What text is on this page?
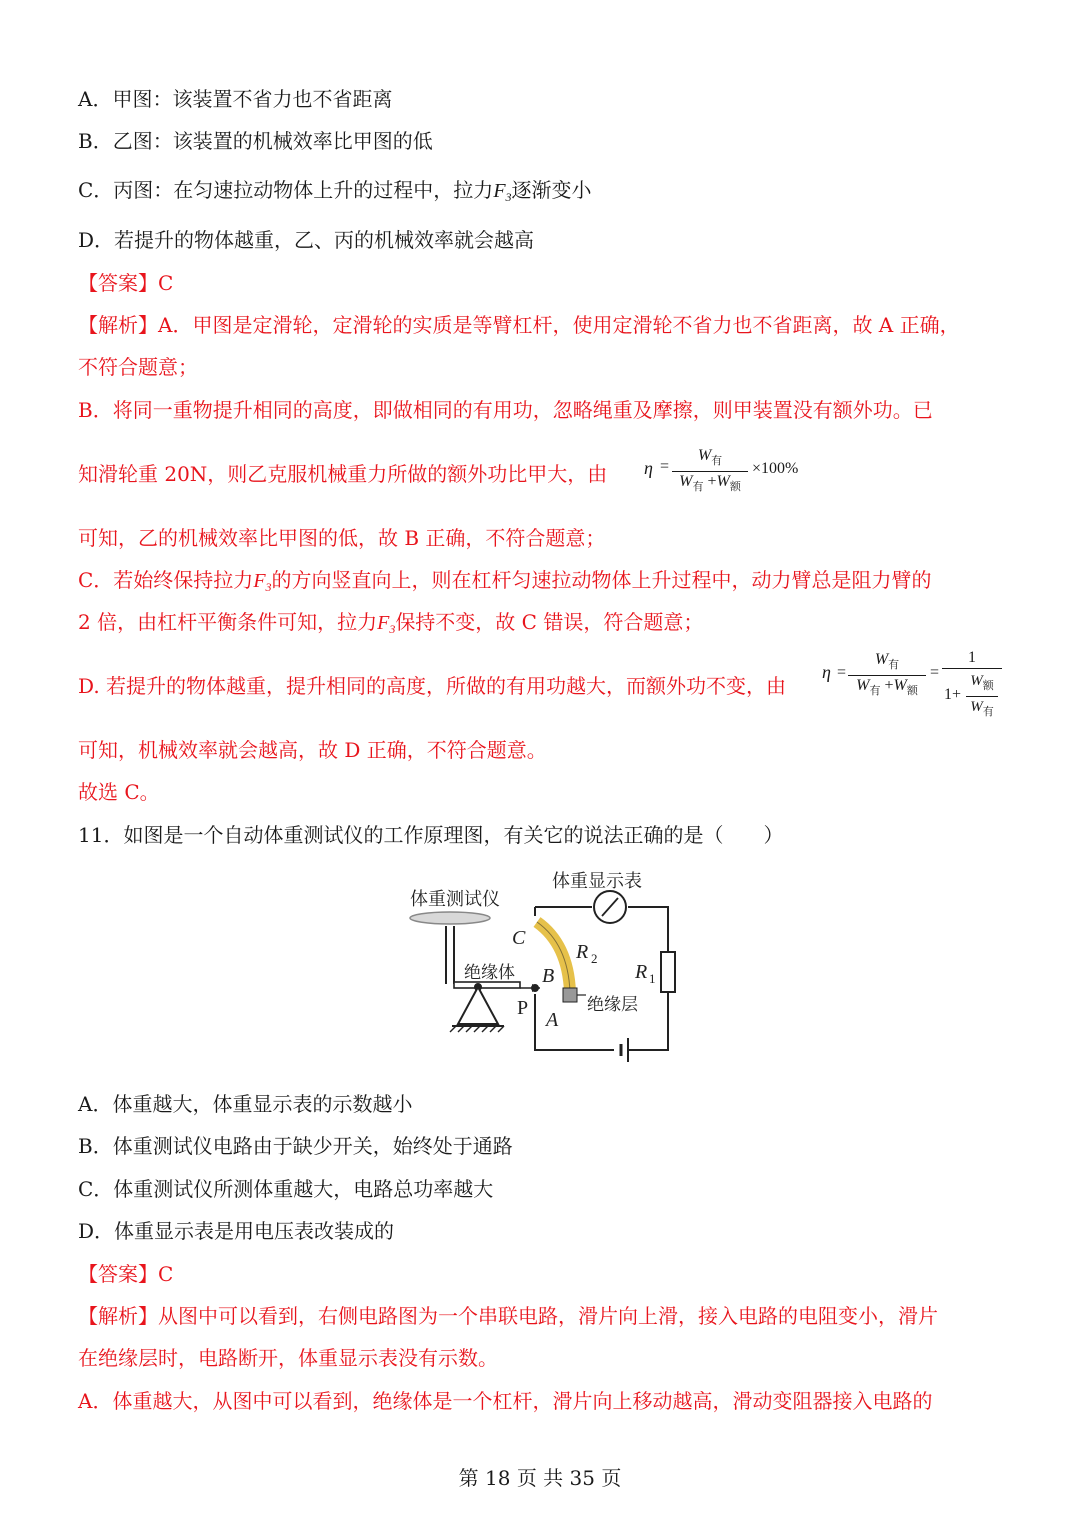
A．甲图：该装置不省力也不省距离
B．乙图：该装置的机械效率比甲图的低
C．丙图：在匀速拉动物体上升的过程中，拉力$F_3$逐渐变小
D．若提升的物体越重，乙、丙的机械效率就会越高
【答案】C
【解析】A．甲图是定滑轮，定滑轮的实质是等臂杠杆，使用定滑轮不省力也不省距离，故 A 正确，
不符合题意；
B．将同一重物提升相同的高度，即做相同的有用功，忽略绳重及摩擦，则甲装置没有额外功。已
知滑轮重 20N，则乙克服机械重力所做的额外功比甲大，由 η =
$W_有$
$W_有 +W_额$
×100%
可知，乙的机械效率比甲图的低，故 B 正确，不符合题意；
C．若始终保持拉力$F_3$的方向竖直向上，则在杠杆匀速拉动物体上升过程中，动力臂总是阻力臂的
2 倍，由杠杆平衡条件可知，拉力$F_3$保持不变，故 C 错误，符合题意；
D. 若提升的物体越重，提升相同的高度，所做的有用功越大，而额外功不变，由
η =
$W_有$
$W_有 +W_额$
=
1
1+
$W_额$
$W_有$
可知，机械效率就会越高，故 D 正确，不符合题意。
故选 C。
11．如图是一个自动体重测试仪的工作原理图，有关它的说法正确的是（　　）
体重测试仪
体重显示表
绝缘体
绝缘层
C
B
A
R 2
R 1
P
A．体重越大，体重显示表的示数越小
B．体重测试仪电路由于缺少开关，始终处于通路
C．体重测试仪所测体重越大，电路总功率越大
D．体重显示表是用电压表改装成的
【答案】C
【解析】从图中可以看到，右侧电路图为一个串联电路，滑片向上滑，接入电路的电阻变小，滑片
在绝缘层时，电路断开，体重显示表没有示数。
A．体重越大，从图中可以看到，绝缘体是一个杠杆，滑片向上移动越高，滑动变阻器接入电路的
第 18 页 共 35 页
